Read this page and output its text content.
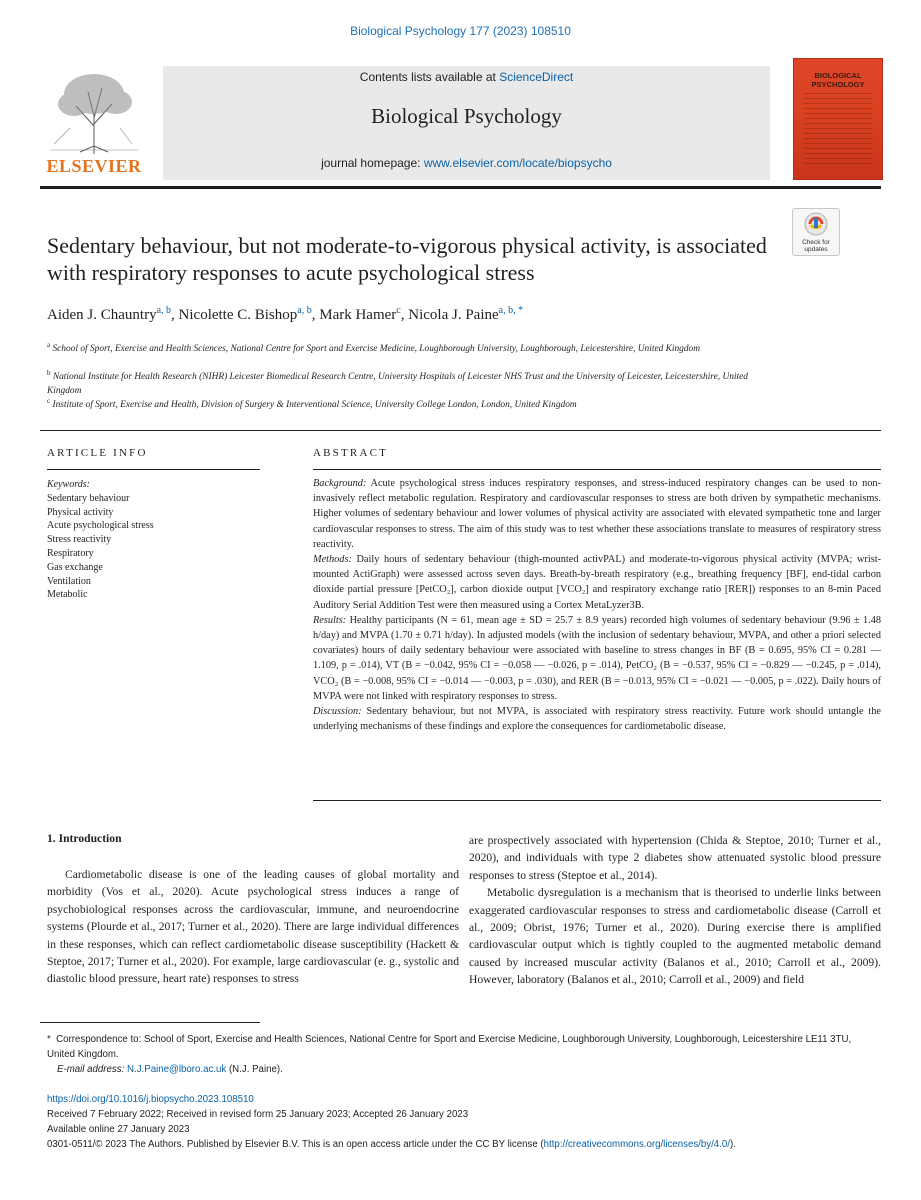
Biological Psychology 177 (2023) 108510
ELSEVIER
Contents lists available at ScienceDirect
Biological Psychology
journal homepage: www.elsevier.com/locate/biopsycho
BIOLOGICAL PSYCHOLOGY
Check for updates
Sedentary behaviour, but not moderate-to-vigorous physical activity, is associated with respiratory responses to acute psychological stress
Aiden J. Chauntry$^{a, b}$, Nicolette C. Bishop$^{a, b}$, Mark Hamer$^c$, Nicola J. Paine$^{a, b, *}$
$^a$ School of Sport, Exercise and Health Sciences, National Centre for Sport and Exercise Medicine, Loughborough University, Loughborough, Leicestershire, United Kingdom
$^b$ National Institute for Health Research (NIHR) Leicester Biomedical Research Centre, University Hospitals of Leicester NHS Trust and the University of Leicester, Leicestershire, United Kingdom
$^c$ Institute of Sport, Exercise and Health, Division of Surgery & Interventional Science, University College London, London, United Kingdom
ARTICLE INFO
Keywords:
Sedentary behaviour
Physical activity
Acute psychological stress
Stress reactivity
Respiratory
Gas exchange
Ventilation
Metabolic
ABSTRACT

Background: Acute psychological stress induces respiratory responses, and stress-induced respiratory changes can be used to non-invasively reflect metabolic regulation. Respiratory and cardiovascular responses to stress are both driven by sympathetic mechanisms. Higher volumes of sedentary behaviour and lower volumes of physical activity are associated with elevated sympathetic tone and larger cardiovascular responses to stress. The aim of this study was to test whether these associations translate to measures of respiratory stress reactivity.

Methods: Daily hours of sedentary behaviour (thigh-mounted activPAL) and moderate-to-vigorous physical activity (MVPA; wrist-mounted ActiGraph) were assessed across seven days. Breath-by-breath respiratory (e.g., breathing frequency [BF], end-tidal carbon dioxide partial pressure [PetCO₂], carbon dioxide output [VCO₂] and respiratory exchange ratio [RER]) responses to an 8-min Paced Auditory Serial Addition Test were then measured using a Cortex MetaLyzer3B.

Results: Healthy participants (N = 61, mean age ± SD = 25.7 ± 8.9 years) recorded high volumes of sedentary behaviour (9.96 ± 1.48 h/day) and MVPA (1.70 ± 0.71 h/day). In adjusted models (with the inclusion of sedentary behaviour, MVPA, and other a priori selected covariates) hours of daily sedentary behaviour were associated with baseline to stress changes in BF (B = 0.695, 95% CI = 0.281 — 1.109, p = .014), VT (B = −0.042, 95% CI = −0.058 — −0.026, p = .014), PetCO₂ (B = −0.537, 95% CI = −0.829 — −0.245, p = .014), VCO₂ (B = −0.008, 95% CI = −0.014 — −0.003, p = .030), and RER (B = −0.013, 95% CI = −0.021 — −0.005, p = .022). Daily hours of MVPA were not linked with respiratory responses to stress.

Discussion: Sedentary behaviour, but not MVPA, is associated with respiratory stress reactivity. Future work should untangle the underlying mechanisms of these findings and explore the consequences for cardiometabolic disease.

1. Introduction

Cardiometabolic disease is one of the leading causes of global mortality and morbidity (Vos et al., 2020). Acute psychological stress induces a range of psychobiological responses across the cardiovascular, immune, and neuroendocrine systems (Plourde et al., 2017; Turner et al., 2020). There are large individual differences in these responses, which can reflect cardiometabolic disease susceptibility (Hackett & Steptoe, 2017; Turner et al., 2020). For example, large cardiovascular (e. g., systolic and diastolic blood pressure, heart rate) responses to stress

are prospectively associated with hypertension (Chida & Steptoe, 2010; Turner et al., 2020), and individuals with type 2 diabetes show attenuated systolic blood pressure responses to stress (Steptoe et al., 2014).

Metabolic dysregulation is a mechanism that is theorised to underlie links between exaggerated cardiovascular responses to stress and cardiometabolic disease (Carroll et al., 2009; Obrist, 1976; Turner et al., 2020). During exercise there is amplified cardiovascular output which is tightly coupled to the augmented metabolic demand caused by increased muscular activity (Balanos et al., 2010; Carroll et al., 2009). However, laboratory (Balanos et al., 2010; Carroll et al., 2009) and field

* Correspondence to: School of Sport, Exercise and Health Sciences, National Centre for Sport and Exercise Medicine, Loughborough University, Loughborough, Leicestershire LE11 3TU, United Kingdom.
E-mail address: N.J.Paine@lboro.ac.uk (N.J. Paine).
https://doi.org/10.1016/j.biopsycho.2023.108510
Received 7 February 2022; Received in revised form 25 January 2023; Accepted 26 January 2023
Available online 27 January 2023
0301-0511/© 2023 The Authors. Published by Elsevier B.V. This is an open access article under the CC BY license (http://creativecommons.org/licenses/by/4.0/).
